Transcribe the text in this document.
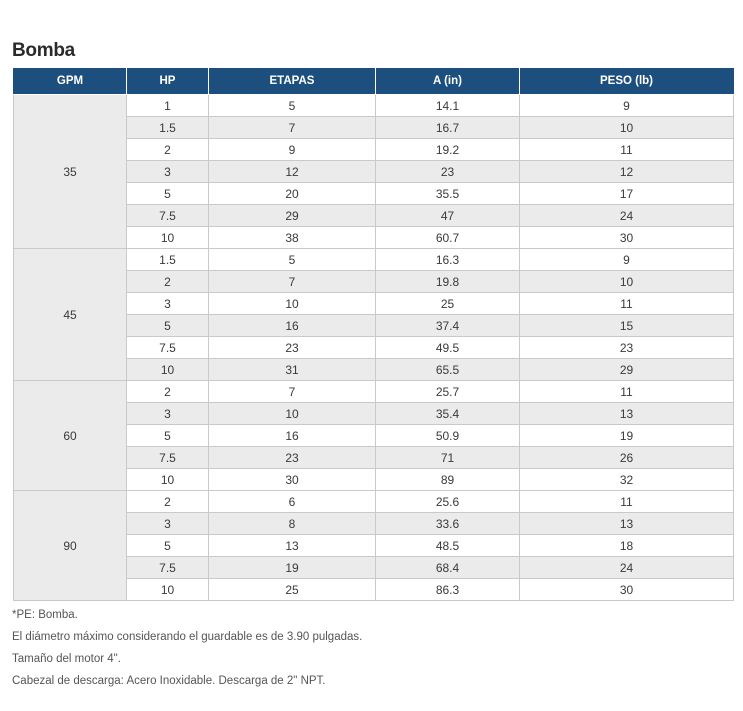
Bomba
GPM	HP	ETAPAS	A (in)	PESO (lb)
35	1	5	14.1	9
	1.5	7	16.7	10
	2	9	19.2	11
	3	12	23	12
	5	20	35.5	17
	7.5	29	47	24
	10	38	60.7	30
45	1.5	5	16.3	9
	2	7	19.8	10
	3	10	25	11
	5	16	37.4	15
	7.5	23	49.5	23
	10	31	65.5	29
60	2	7	25.7	11
	3	10	35.4	13
	5	16	50.9	19
	7.5	23	71	26
	10	30	89	32
90	2	6	25.6	11
	3	8	33.6	13
	5	13	48.5	18
	7.5	19	68.4	24
	10	25	86.3	30
*PE: Bomba.
El diámetro máximo considerando el guardable es de 3.90 pulgadas.
Tamaño del motor 4".
Cabezal de descarga: Acero Inoxidable. Descarga de 2" NPT.
